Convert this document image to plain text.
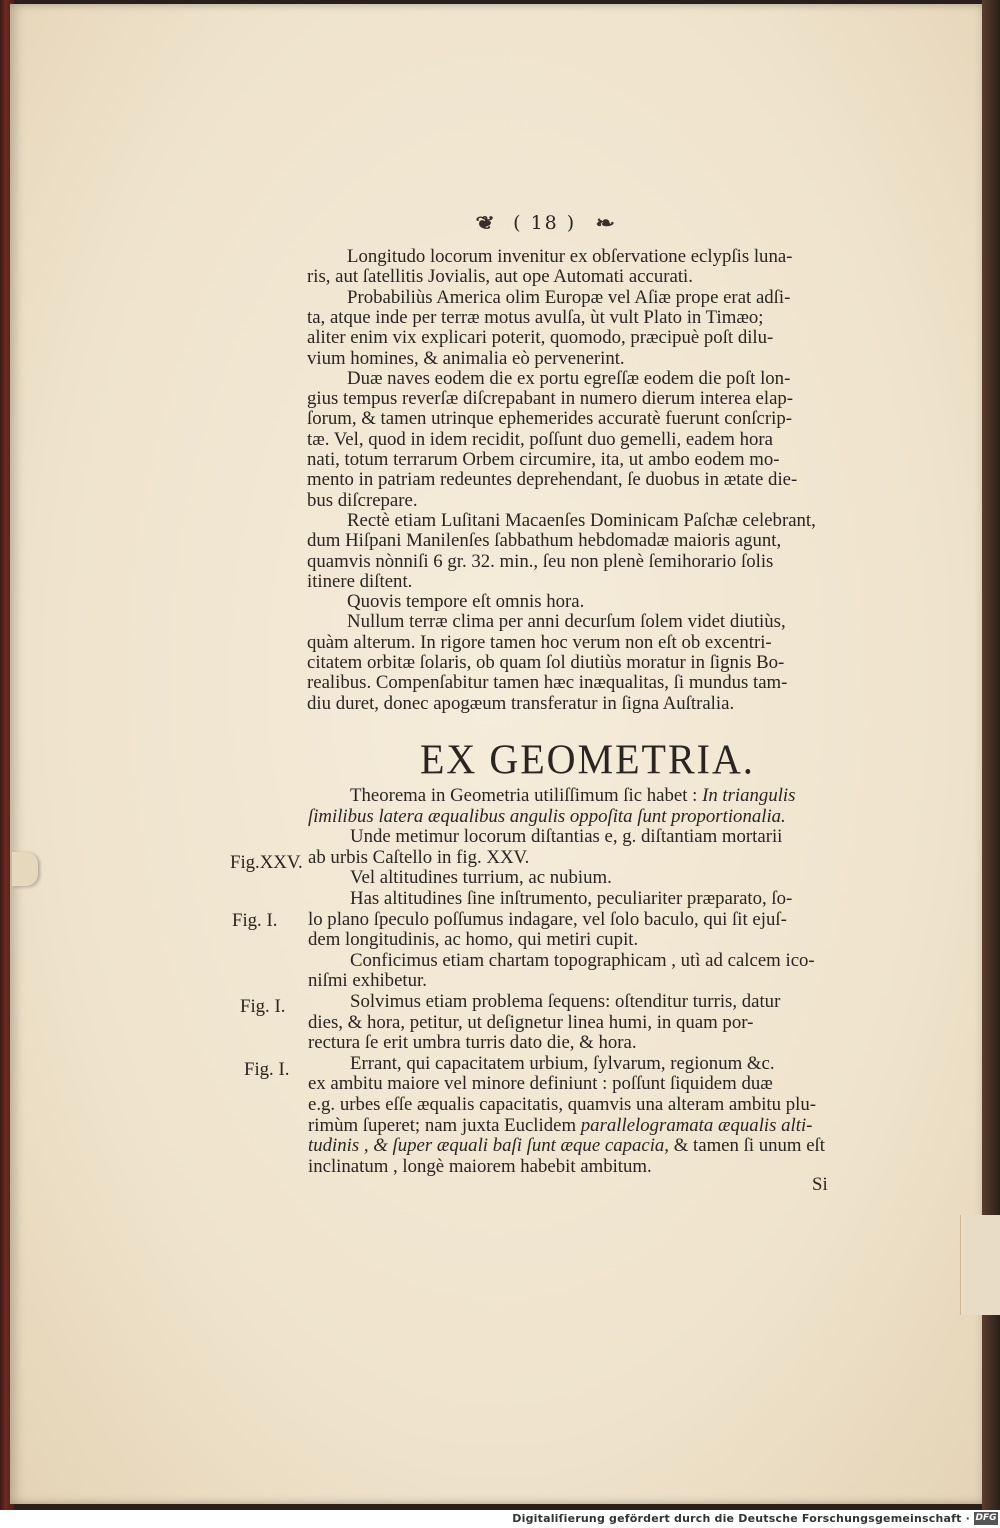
❦ ( 18 ) ❧
Longitudo locorum invenitur ex obſervatione eclypſis luna-
ris, aut ſatellitis Jovialis, aut ope Automati accurati.
Probabiliùs America olim Europæ vel Aſiæ prope erat adſi-
ta, atque inde per terræ motus avulſa, ùt vult Plato in Timæo;
aliter enim vix explicari poterit, quomodo, præcipuè poſt dilu-
vium homines, & animalia eò pervenerint.
Duæ naves eodem die ex portu egreſſæ eodem die poſt lon-
gius tempus reverſæ diſcrepabant in numero dierum interea elap-
ſorum, & tamen utrinque ephemerides accuratè fuerunt conſcrip-
tæ. Vel, quod in idem recidit, poſſunt duo gemelli, eadem hora
nati, totum terrarum Orbem circumire, ita, ut ambo eodem mo-
mento in patriam redeuntes deprehendant, ſe duobus in ætate die-
bus diſcrepare.
Rectè etiam Luſitani Macaenſes Dominicam Paſchæ celebrant,
dum Hiſpani Manilenſes ſabbathum hebdomadæ maioris agunt,
quamvis nònniſi 6 gr. 32. min., ſeu non plenè ſemihorario ſolis
itinere diſtent.
Quovis tempore eſt omnis hora.
Nullum terræ clima per anni decurſum ſolem videt diutiùs,
quàm alterum. In rigore tamen hoc verum non eſt ob excentri-
citatem orbitæ ſolaris, ob quam ſol diutiùs moratur in ſignis Bo-
realibus. Compenſabitur tamen hæc inæqualitas, ſi mundus tam-
diu duret, donec apogæum transferatur in ſigna Auſtralia.
EX GEOMETRIA.
Theorema in Geometria utiliſſimum ſic habet : In triangulis
ſimilibus latera æqualibus angulis oppoſita ſunt proportionalia.
Unde metimur locorum diſtantias e, g. diſtantiam mortarii
ab urbis Caſtello in fig. XXV.
Vel altitudines turrium, ac nubium.
Has altitudines ſine inſtrumento, peculiariter præparato, ſo-
lo plano ſpeculo poſſumus indagare, vel ſolo baculo, qui ſit ejuſ-
dem longitudinis, ac homo, qui metiri cupit.
Conficimus etiam chartam topographicam , utì ad calcem ico-
niſmi exhibetur.
Solvimus etiam problema ſequens: oſtenditur turris, datur
dies, & hora, petitur, ut deſignetur linea humi, in quam por-
rectura ſe erit umbra turris dato die, & hora.
Errant, qui capacitatem urbium, ſylvarum, regionum &c.
ex ambitu maiore vel minore definiunt : poſſunt ſiquidem duæ
e.g. urbes eſſe æqualis capacitatis, quamvis una alteram ambitu plu-
rimùm ſuperet; nam juxta Euclidem parallelogramata æqualis alti-
tudinis , & ſuper æquali baſi ſunt æque capacia, & tamen ſi unum eſt
inclinatum , longè maiorem habebit ambitum.
Fig.XXV.
Fig. I.
Fig. I.
Fig. I.
Si
Digitaliſierung gefördert durch die Deutsche Forschungsgemeinschaft · DFG
